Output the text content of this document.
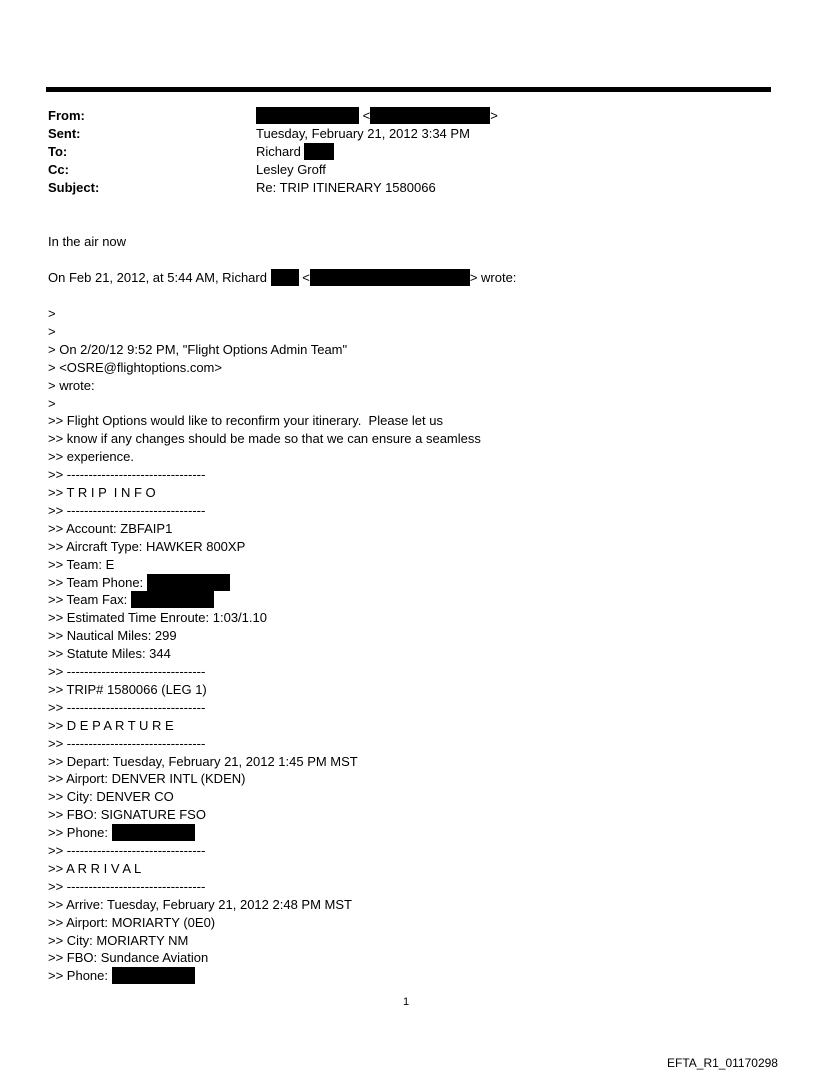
From:	<	>
Sent:	Tuesday, February 21, 2012 3:34 PM
To:	Richard
Cc:	Lesley Groff
Subject:	Re: TRIP ITINERARY 1580066
In the air now
On Feb 21, 2012, at 5:44 AM, Richard	<	> wrote:
>
>
> On 2/20/12 9:52 PM, "Flight Options Admin Team"
> <OSRE@flightoptions.com>
> wrote:
>
>> Flight Options would like to reconfirm your itinerary.  Please let us
>> know if any changes should be made so that we can ensure a seamless
>> experience.
>> --------------------------------
>> T R I P  I N F O
>> --------------------------------
>> Account: ZBFAIP1
>> Aircraft Type: HAWKER 800XP
>> Team: E
>> Team Phone:
>> Team Fax:
>> Estimated Time Enroute: 1:03/1.10
>> Nautical Miles: 299
>> Statute Miles: 344
>> --------------------------------
>> TRIP# 1580066 (LEG 1)
>> --------------------------------
>> D E P A R T U R E
>> --------------------------------
>> Depart: Tuesday, February 21, 2012 1:45 PM MST
>> Airport: DENVER INTL (KDEN)
>> City: DENVER CO
>> FBO: SIGNATURE FSO
>> Phone:
>> --------------------------------
>> A R R I V A L
>> --------------------------------
>> Arrive: Tuesday, February 21, 2012 2:48 PM MST
>> Airport: MORIARTY (0E0)
>> City: MORIARTY NM
>> FBO: Sundance Aviation
>> Phone:
1
EFTA_R1_01170298
